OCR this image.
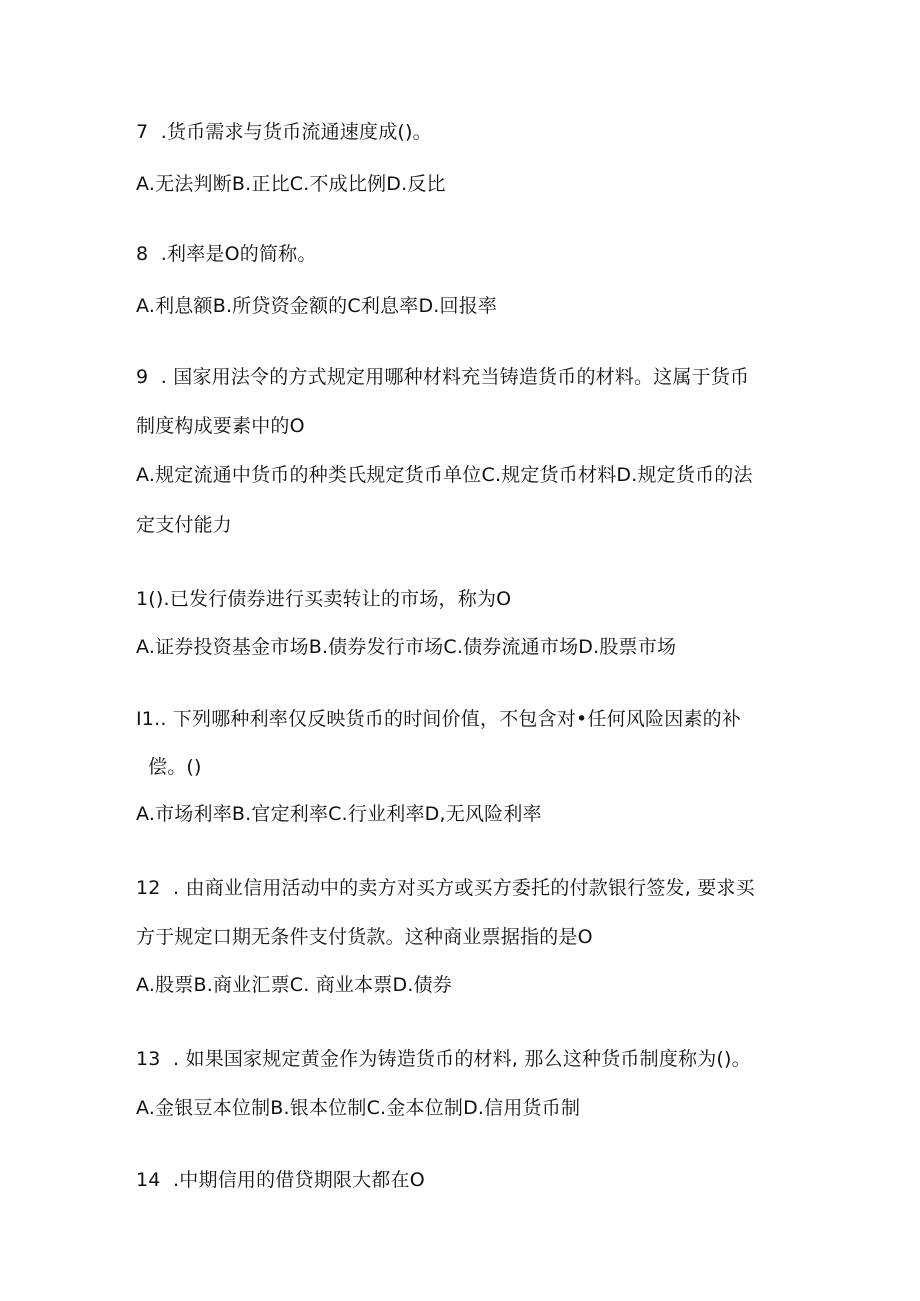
7  .货币需求与货币流通速度成()。
A.无法判断B.正比C.不成比例D.反比
8  .利率是O的简称。
A.利息额B.所贷资金额的C利息率D.回报率
9  . 国家用法令的方式规定用哪种材料充当铸造货币的材料。这属于货币
制度构成要素中的O
A.规定流通中货币的种类氏规定货币单位C.规定货币材料D.规定货币的法
定支付能力
1().已发行债券进行买卖转让的市场，称为O
A.证券投资基金市场B.债券发行市场C.债券流通市场D.股票市场
I1.. 下列哪种利率仅反映货币的时间价值，不包含对•任何风险因素的补
偿。()
A.市场利率B.官定利率C.行业利率D,无风险利率
12  . 由商业信用活动中的卖方对买方或买方委托的付款银行签发, 要求买
方于规定口期无条件支付货款。这种商业票据指的是O
A.股票B.商业汇票C. 商业本票D.债券
13  . 如果国家规定黄金作为铸造货币的材料, 那么这种货币制度称为()。
A.金银豆本位制B.银本位制C.金本位制D.信用货币制
14  .中期信用的借贷期限大都在O
